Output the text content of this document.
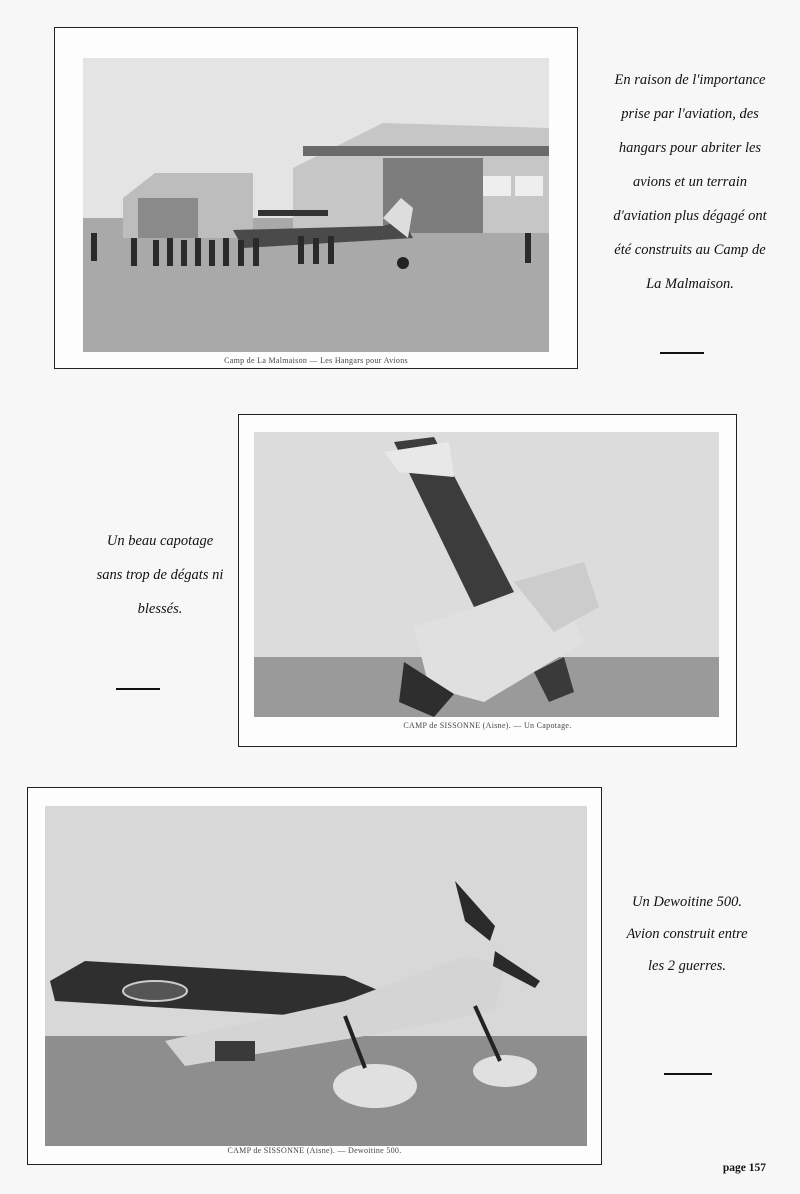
Camp de La Malmaison — Les Hangars pour Avions
En raison de l'importance
prise par l'aviation, des
hangars pour abriter les
avions et un terrain
d'aviation plus dégagé ont
été construits au Camp de
La Malmaison.
CAMP de SISSONNE (Aisne). — Un Capotage.
Un beau capotage
sans trop de dégats ni
blessés.
CAMP de SISSONNE (Aisne). — Dewoitine 500.
Un Dewoitine 500.
Avion construit entre
les 2 guerres.
page 157
